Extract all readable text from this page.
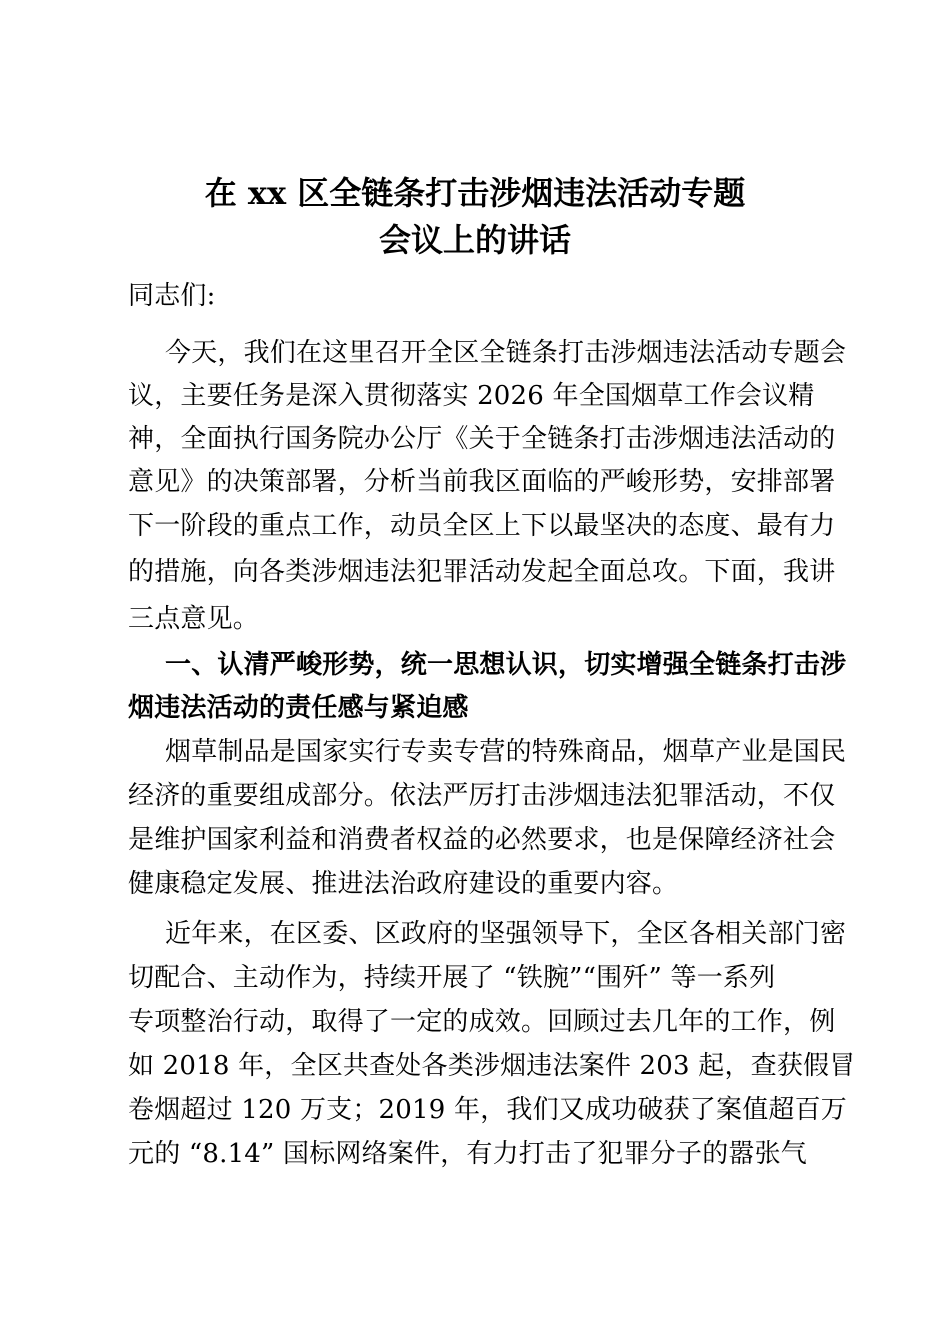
在 xx 区全链条打击涉烟违法活动专题
会议上的讲话
同志们:
今天，我们在这里召开全区全链条打击涉烟违法活动专题会
议，主要任务是深入贯彻落实 2026 年全国烟草工作会议精
神，全面执行国务院办公厅《关于全链条打击涉烟违法活动的
意见》的决策部署，分析当前我区面临的严峻形势，安排部署
下一阶段的重点工作，动员全区上下以最坚决的态度、最有力
的措施，向各类涉烟违法犯罪活动发起全面总攻。下面，我讲
三点意见。
一、认清严峻形势，统一思想认识，切实增强全链条打击涉
烟违法活动的责任感与紧迫感
烟草制品是国家实行专卖专营的特殊商品，烟草产业是国民
经济的重要组成部分。依法严厉打击涉烟违法犯罪活动，不仅
是维护国家利益和消费者权益的必然要求，也是保障经济社会
健康稳定发展、推进法治政府建设的重要内容。
近年来，在区委、区政府的坚强领导下，全区各相关部门密
切配合、主动作为，持续开展了 “铁腕”“围歼” 等一系列
专项整治行动，取得了一定的成效。回顾过去几年的工作，例
如 2018 年，全区共查处各类涉烟违法案件 203 起，查获假冒
卷烟超过 120 万支；2019 年，我们又成功破获了案值超百万
元的 “8.14” 国标网络案件，有力打击了犯罪分子的嚣张气
